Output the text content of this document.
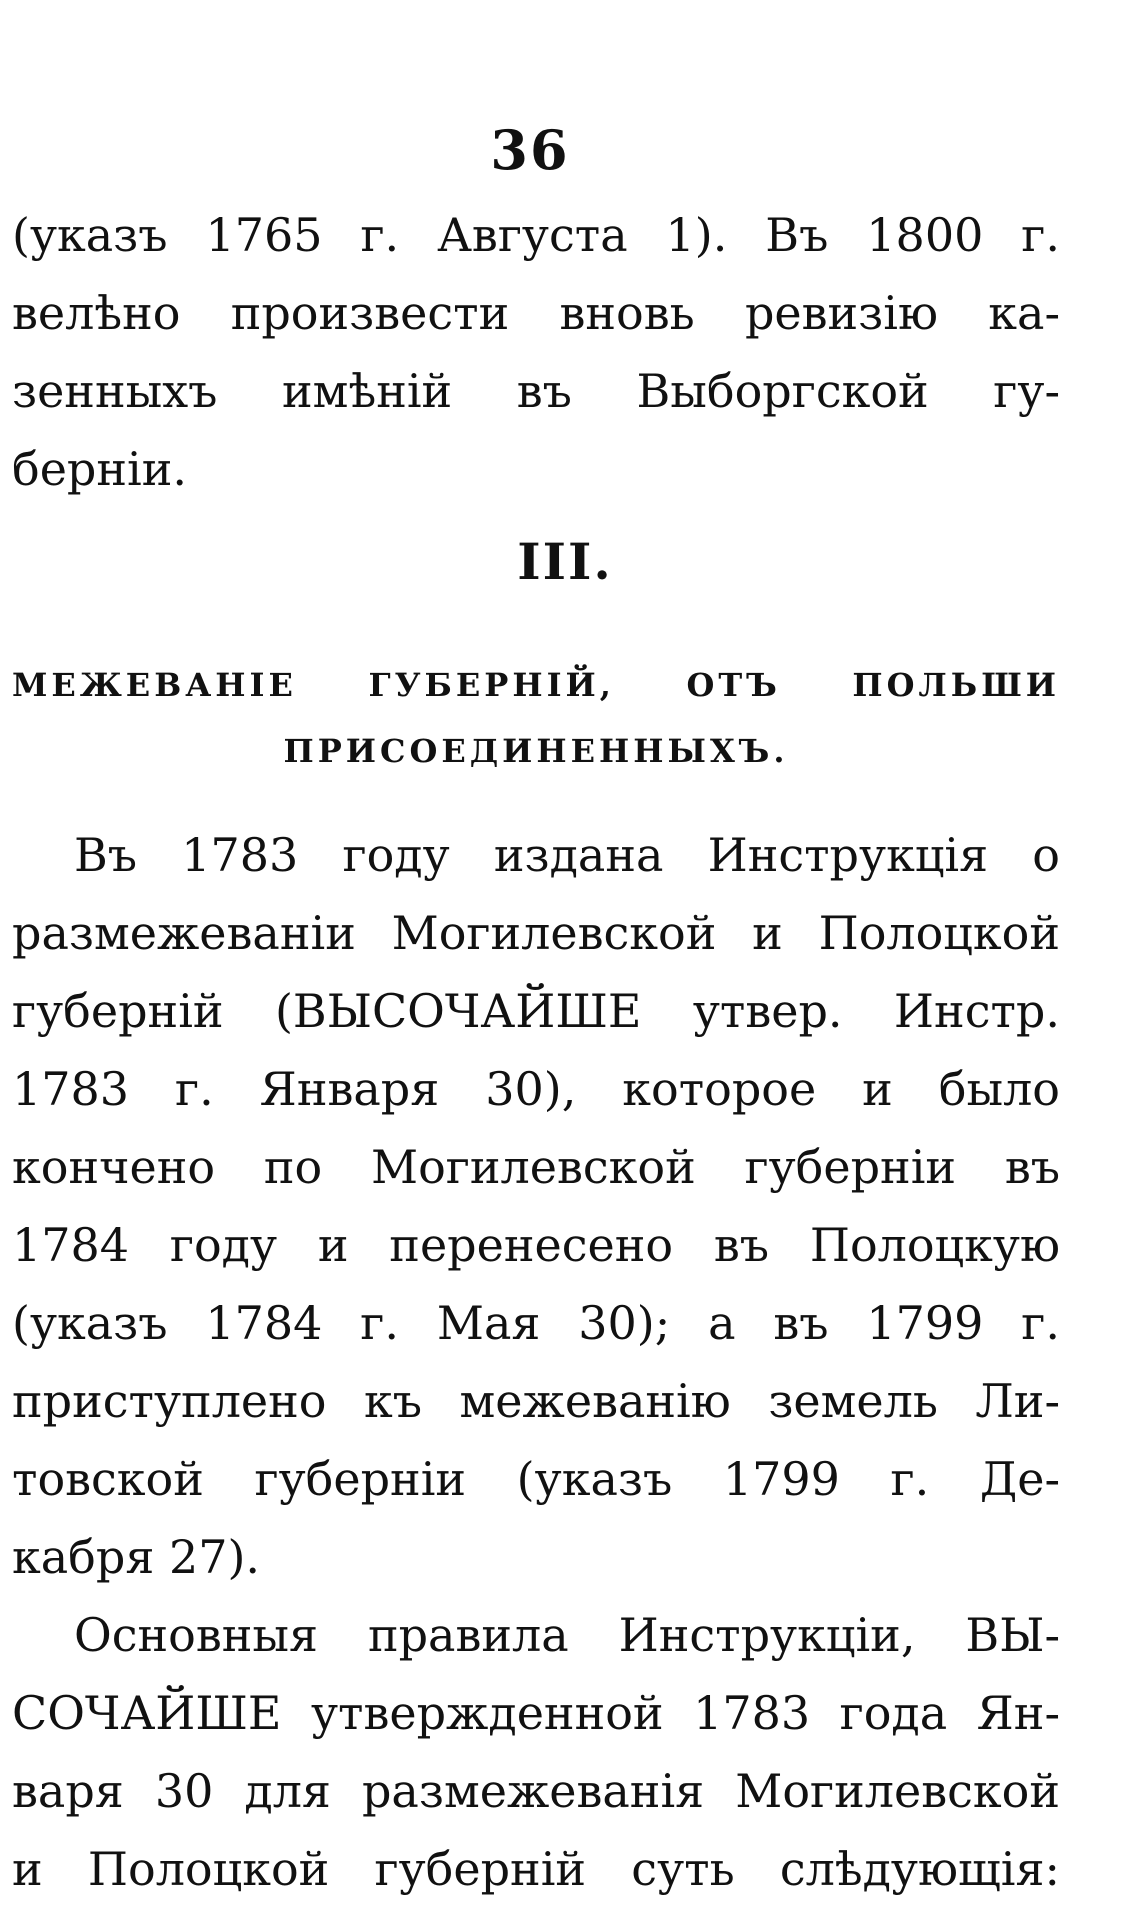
36
(указъ 1765 г. Августа 1). Въ 1800 г.
велѣно произвести вновь ревизію ка-
зенныхъ имѣній въ Выборгской гу-
берніи.
III.
МЕЖЕВАНІЕ ГУБЕРНІЙ, ОТЪ ПОЛЬШИ
ПРИСОЕДИНЕННЫХЪ.
Въ 1783 году издана Инструкція о
размежеваніи Могилевской и Полоцкой
губерній (ВЫСОЧАЙШЕ утвер. Инстр.
1783 г. Января 30), которое и было
кончено по Могилевской губерніи въ
1784 году и перенесено въ Полоцкую
(указъ 1784 г. Мая 30); а въ 1799 г.
приступлено къ межеванію земель Ли-
товской губерніи (указъ 1799 г. Де-
кабря 27).
Основныя правила Инструкціи, ВЫ-
СОЧАЙШЕ утвержденной 1783 года Ян-
варя 30 для размежеванія Могилевской
и Полоцкой губерній суть слѣдующія:
